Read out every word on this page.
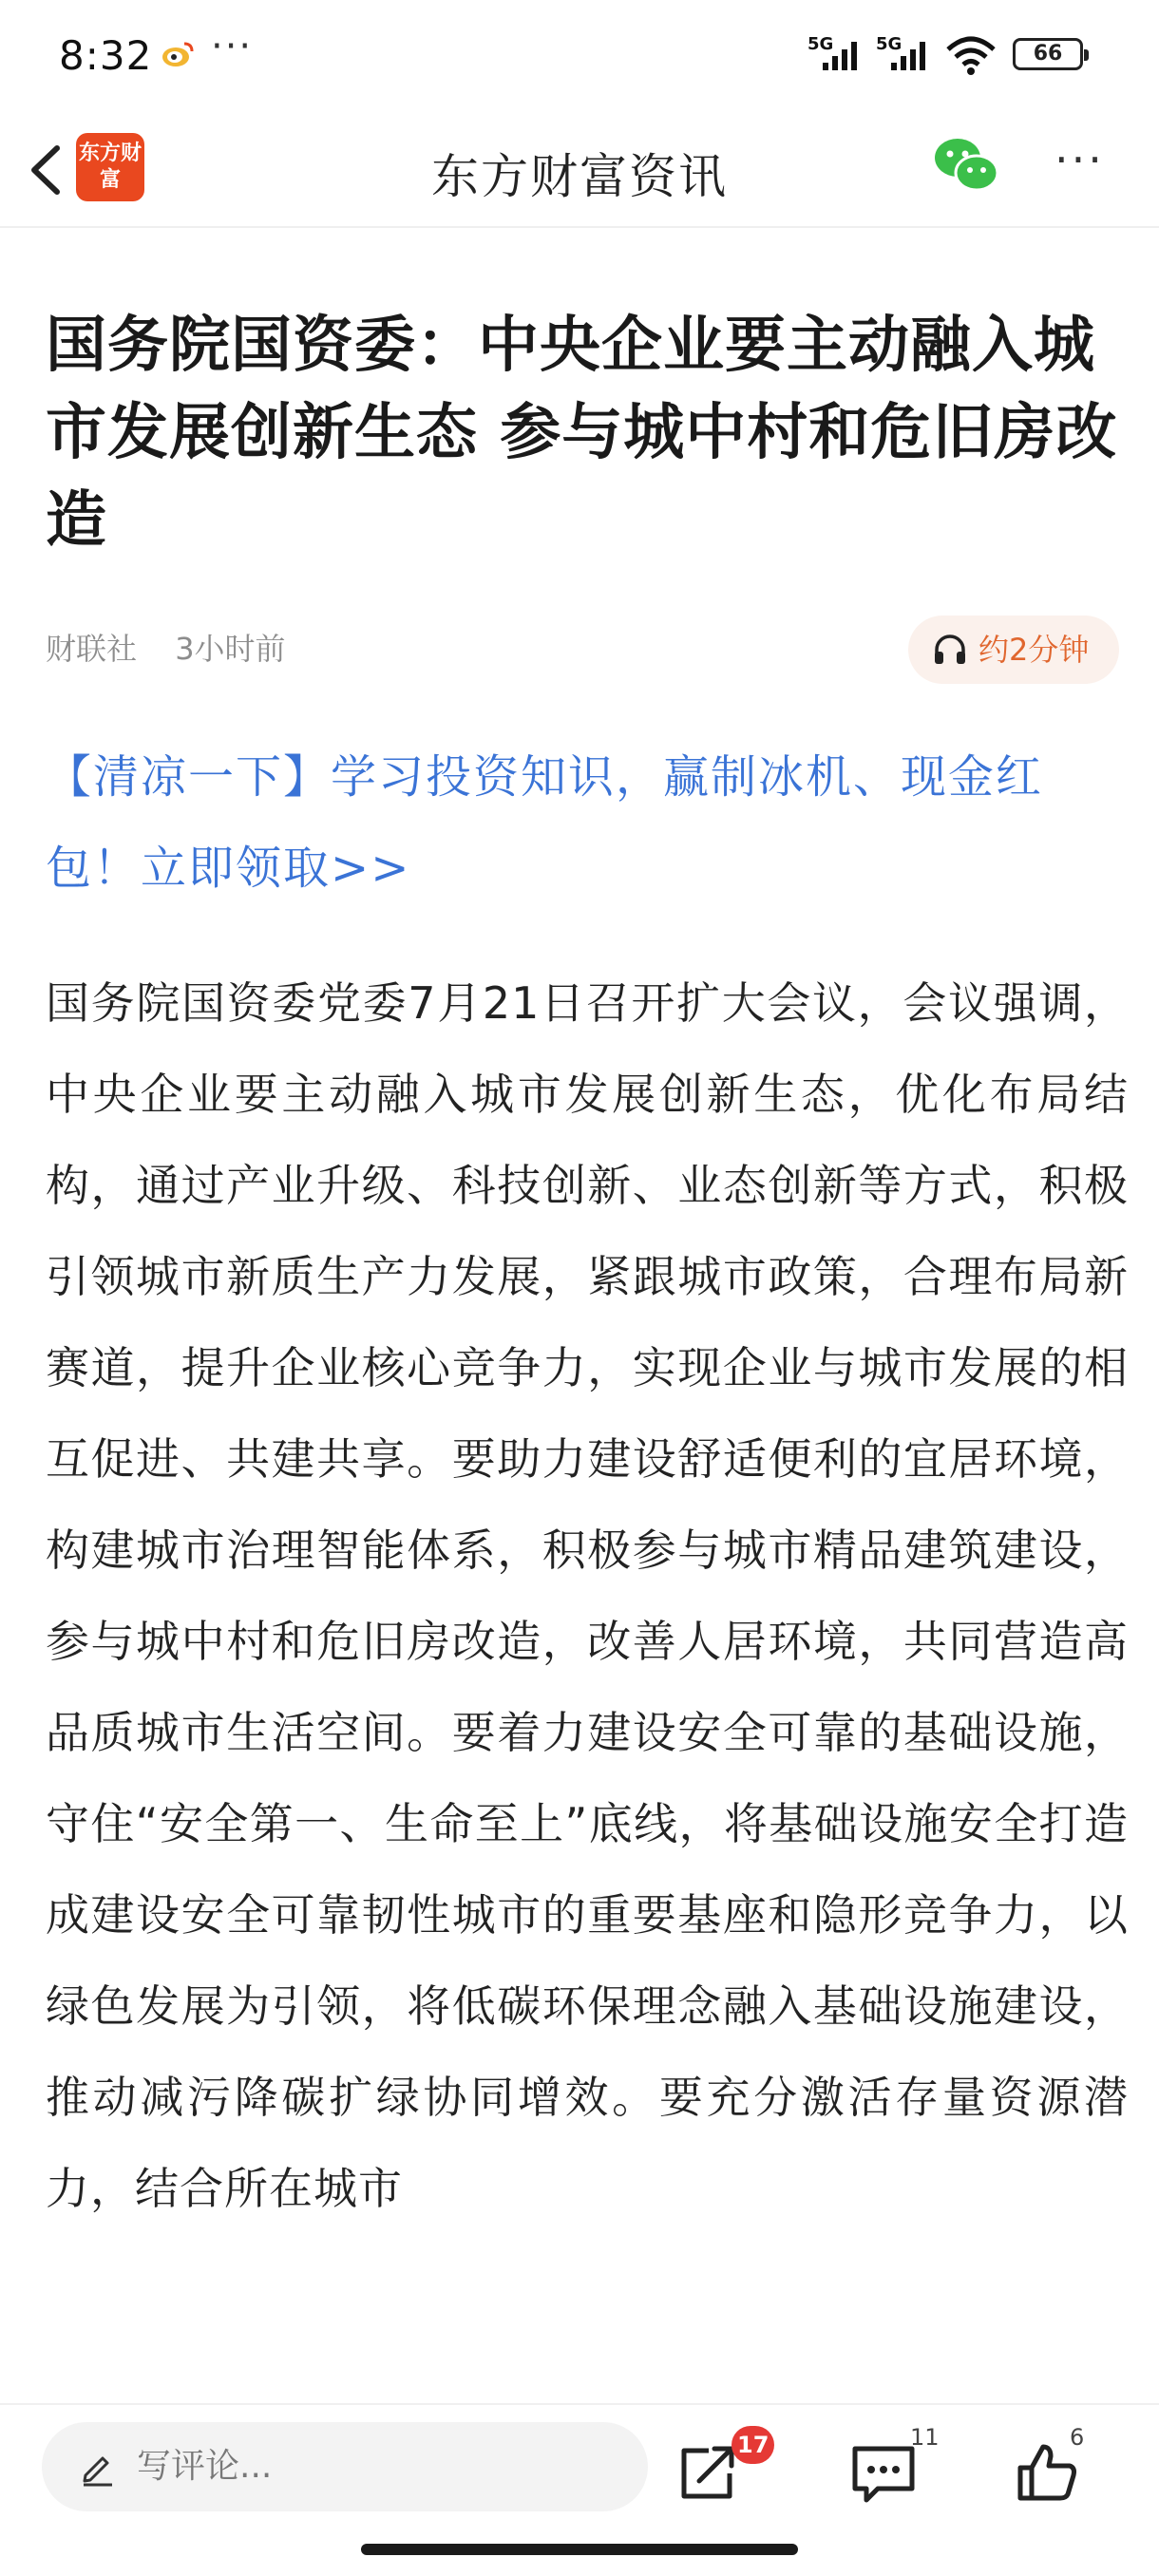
8:32 ···	5G 5G	66
东方财富	东方财富资讯	···
国务院国资委：中央企业要主动融入城市发展创新生态 参与城中村和危旧房改造
财联社 3小时前	约2分钟
【清凉一下】学习投资知识，赢制冰机、现金红包！立即领取>>
国务院国资委党委7月21日召开扩大会议，会议强调，中央企业要主动融入城市发展创新生态，优化布局结构，通过产业升级、科技创新、业态创新等方式，积极引领城市新质生产力发展，紧跟城市政策，合理布局新赛道，提升企业核心竞争力，实现企业与城市发展的相互促进、共建共享。要助力建设舒适便利的宜居环境，构建城市治理智能体系，积极参与城市精品建筑建设，参与城中村和危旧房改造，改善人居环境，共同营造高品质城市生活空间。要着力建设安全可靠的基础设施，守住“安全第一、生命至上”底线，将基础设施安全打造成建设安全可靠韧性城市的重要基座和隐形竞争力，以绿色发展为引领，将低碳环保理念融入基础设施建设，推动减污降碳扩绿协同增效。要充分激活存量资源潜力，结合所在城市
写评论...
17	11	6
